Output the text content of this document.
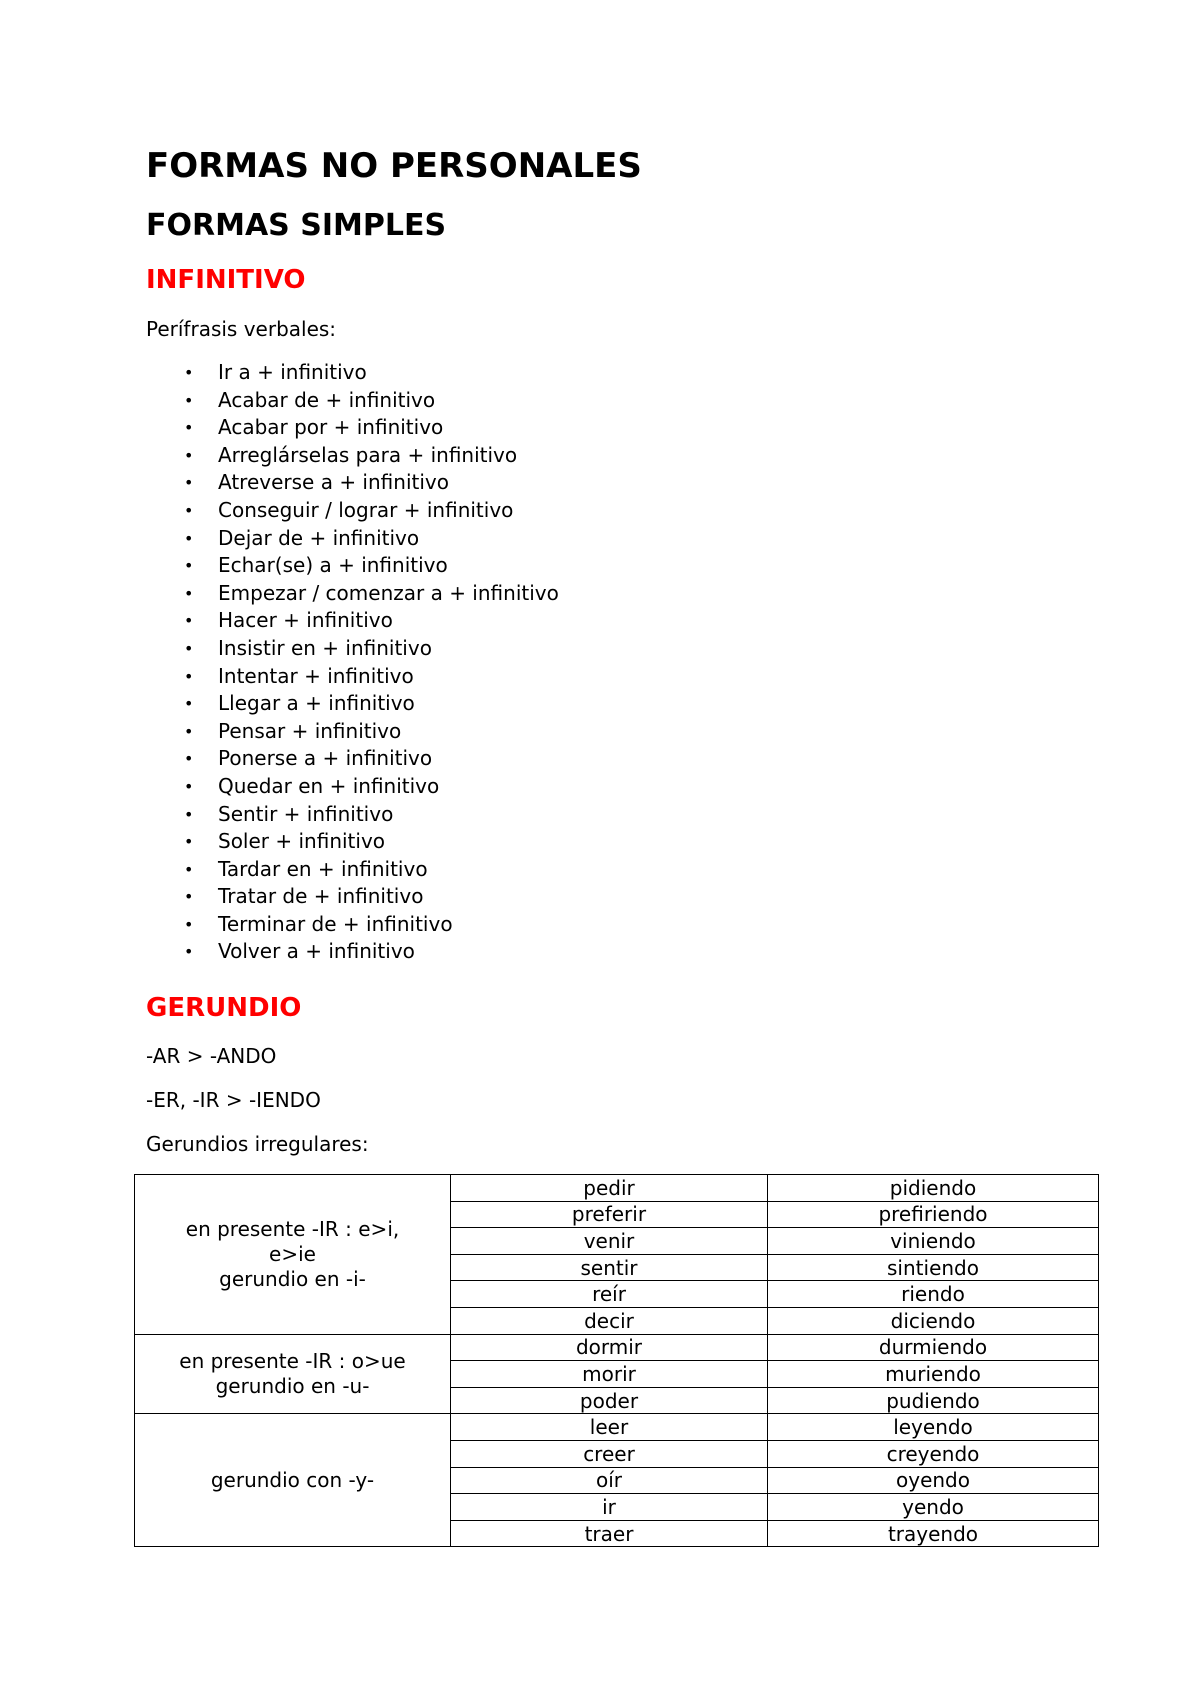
FORMAS NO PERSONALES
FORMAS SIMPLES
INFINITIVO

Perífrasis verbales:

• Ir a + infinitivo
• Acabar de + infinitivo
• Acabar por + infinitivo
• Arreglárselas para + infinitivo
• Atreverse a + infinitivo
• Conseguir / lograr + infinitivo
• Dejar de + infinitivo
• Echar(se) a + infinitivo
• Empezar / comenzar a + infinitivo
• Hacer + infinitivo
• Insistir en + infinitivo
• Intentar + infinitivo
• Llegar a + infinitivo
• Pensar + infinitivo
• Ponerse a + infinitivo
• Quedar en + infinitivo
• Sentir + infinitivo
• Soler + infinitivo
• Tardar en + infinitivo
• Tratar de + infinitivo
• Terminar de + infinitivo
• Volver a + infinitivo
GERUNDIO

-AR > -ANDO

-ER, -IR > -IENDO

Gerundios irregulares:

en presente -IR : e>i,
e>ie
gerundio en -i-	pedir	pidiendo
	preferir	prefiriendo
	venir	viniendo
	sentir	sintiendo
	reír	riendo
	decir	diciendo

en presente -IR : o>ue
gerundio en -u-	dormir	durmiendo
	morir	muriendo
	poder	pudiendo

gerundio con -y-	leer	leyendo
	creer	creyendo
	oír	oyendo
	ir	yendo
	traer	trayendo
